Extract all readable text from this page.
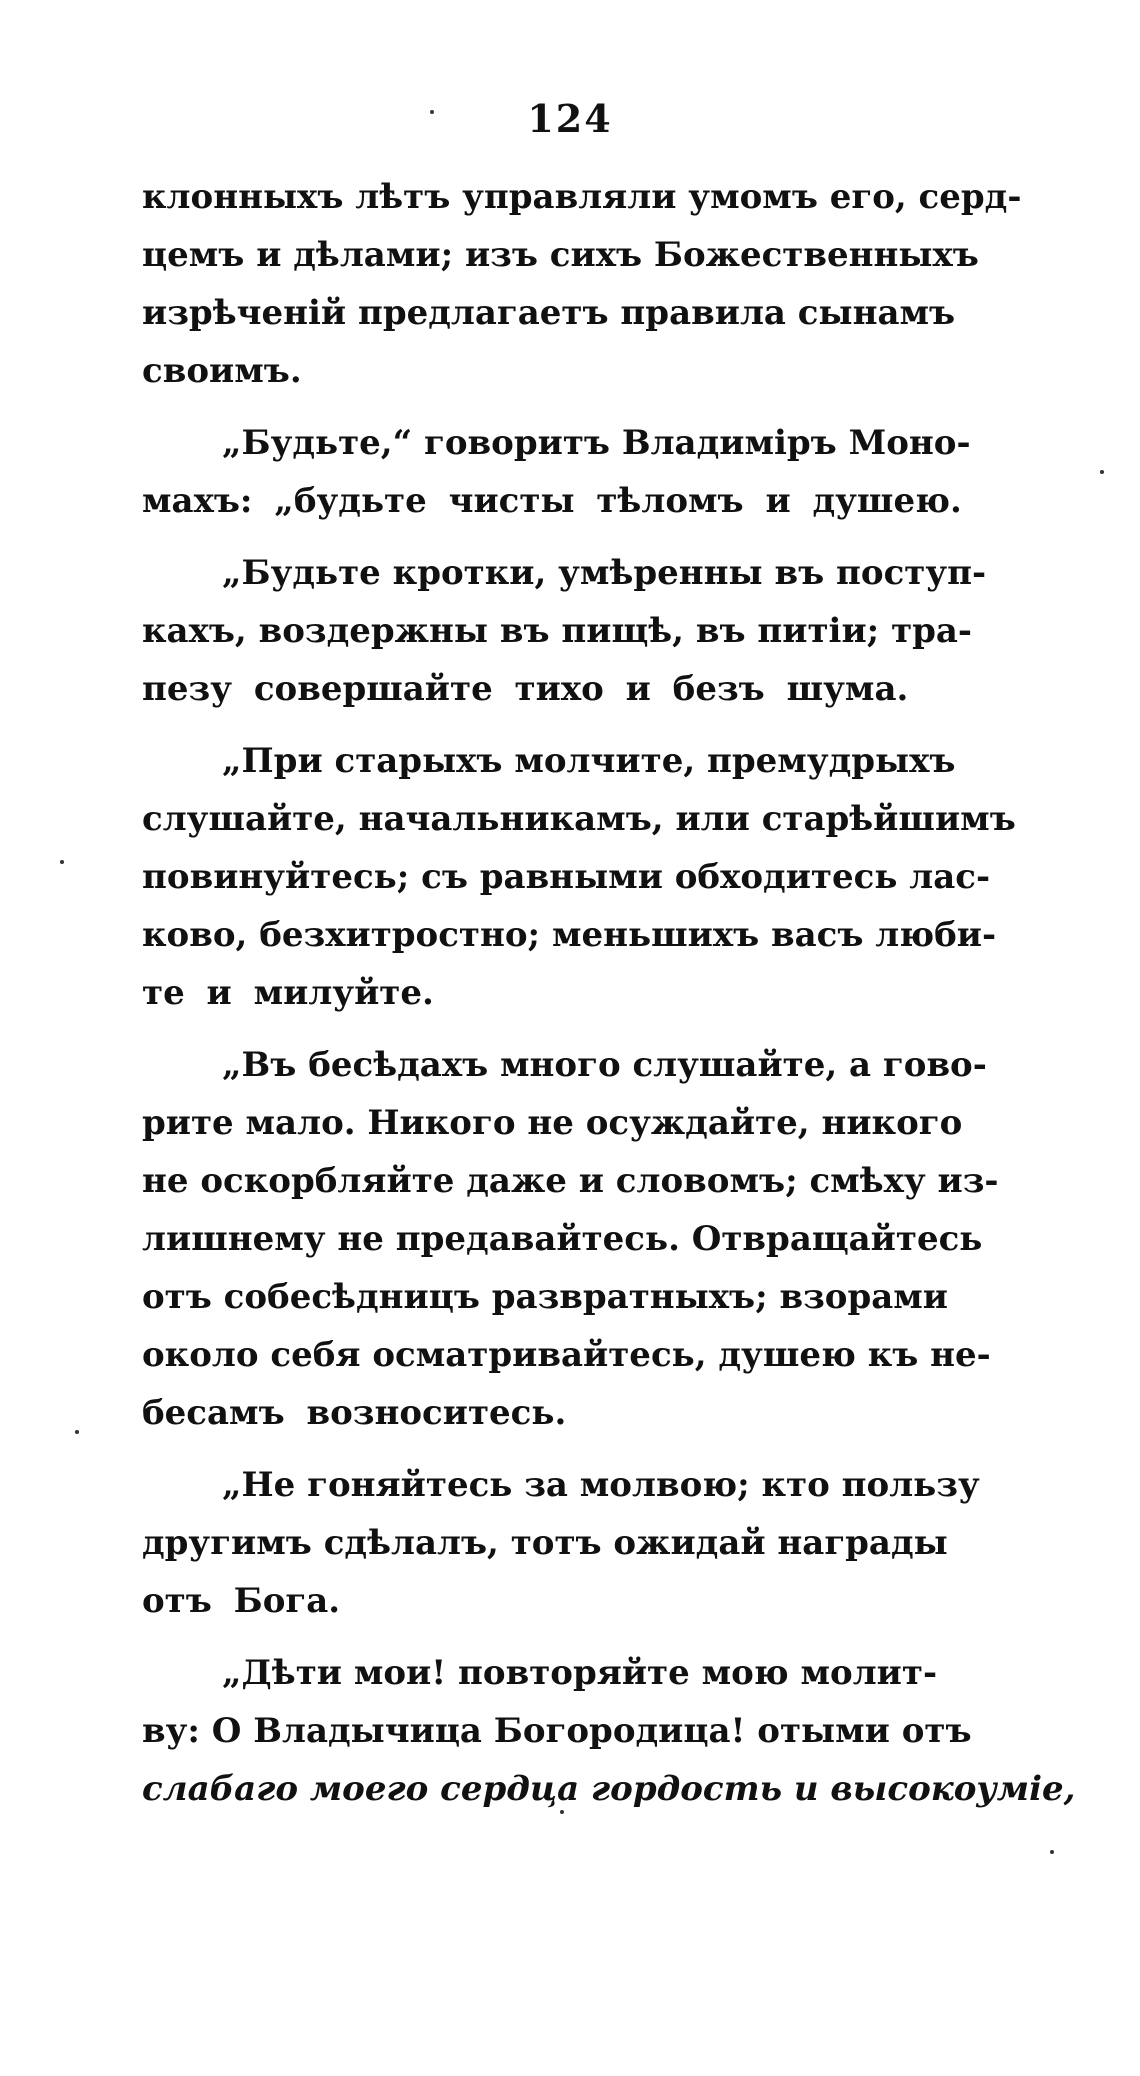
124
клонныхъ лѣтъ управляли умомъ его, серд-
цемъ и дѣлами; изъ сихъ Божественныхъ
изрѣченій предлагаетъ правила сынамъ
своимъ.
„Будьте,“ говоритъ Владиміръ Моно-
махъ: „будьте чисты тѣломъ и душею.
„Будьте кротки, умѣренны въ поступ-
кахъ, воздержны въ пищѣ, въ питіи; тра-
пезу совершайте тихо и безъ шума.
„При старыхъ молчите, премудрыхъ
слушайте, начальникамъ, или старѣйшимъ
повинуйтесь; съ равными обходитесь лас-
ково, безхитростно; меньшихъ васъ люби-
те и милуйте.
„Въ бесѣдахъ много слушайте, а гово-
рите мало. Никого не осуждайте, никого
не оскорбляйте даже и словомъ; смѣху из-
лишнему не предавайтесь. Отвращайтесь
отъ собесѣдницъ развратныхъ; взорами
около себя осматривайтесь, душею къ не-
бесамъ возноситесь.
„Не гоняйтесь за молвою; кто пользу
другимъ сдѣлалъ, тотъ ожидай награды
отъ Бога.
„Дѣти мои! повторяйте мою молит-
ву: О Владычица Богородица! отыми отъ
слабаго моего сердца гордость и высокоуміе,
